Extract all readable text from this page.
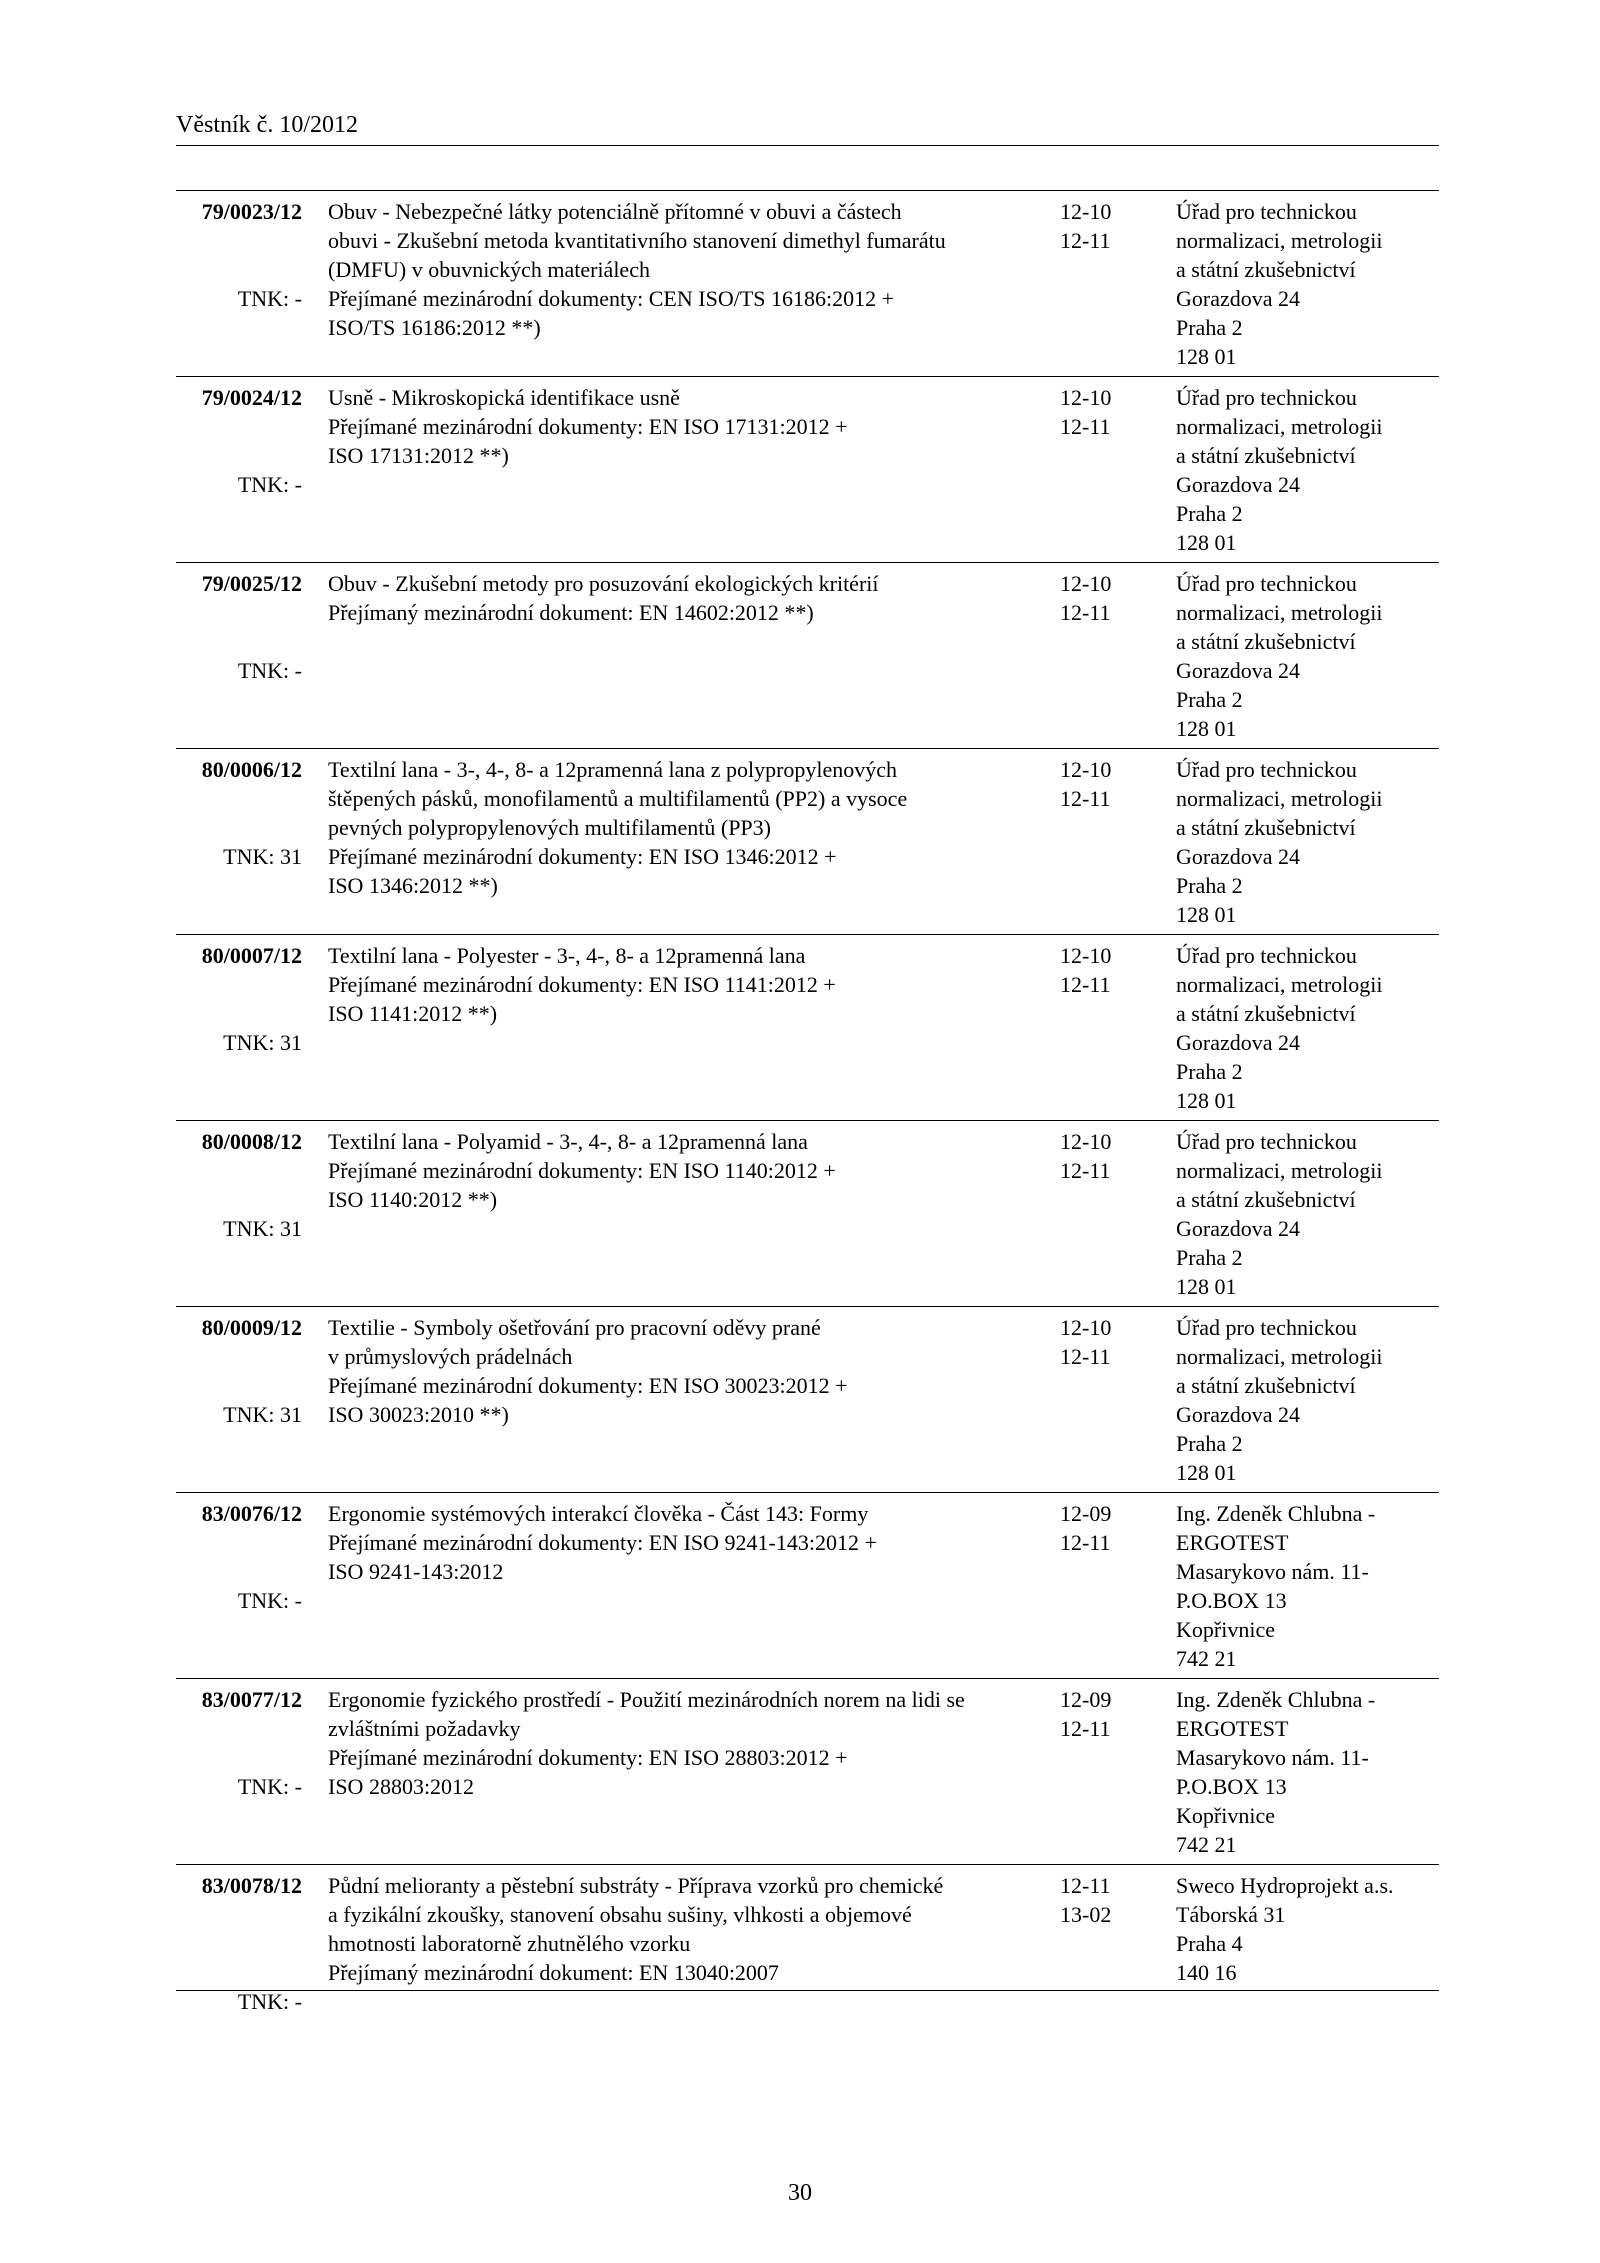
Věstník č. 10/2012
79/0023/12
TNK: -
Obuv - Nebezpečné látky potenciálně přítomné v obuvi a částech
obuvi - Zkušební metoda kvantitativního stanovení dimethyl fumarátu
(DMFU) v obuvnických materiálech
Přejímané mezinárodní dokumenty: CEN ISO/TS 16186:2012 +
ISO/TS 16186:2012 **)
12-10
12-11
Úřad pro technickou
normalizaci, metrologii
a státní zkušebnictví
Gorazdova 24
Praha 2
128 01
79/0024/12
TNK: -
Usně - Mikroskopická identifikace usně
Přejímané mezinárodní dokumenty: EN ISO 17131:2012 +
ISO 17131:2012 **)
12-10
12-11
Úřad pro technickou
normalizaci, metrologii
a státní zkušebnictví
Gorazdova 24
Praha 2
128 01
79/0025/12
TNK: -
Obuv - Zkušební metody pro posuzování ekologických kritérií
Přejímaný mezinárodní dokument: EN 14602:2012 **)
12-10
12-11
Úřad pro technickou
normalizaci, metrologii
a státní zkušebnictví
Gorazdova 24
Praha 2
128 01
80/0006/12
TNK: 31
Textilní lana - 3-, 4-, 8- a 12pramenná lana z polypropylenových
štěpených pásků, monofilamentů a multifilamentů (PP2) a vysoce
pevných polypropylenových multifilamentů (PP3)
Přejímané mezinárodní dokumenty: EN ISO 1346:2012 +
ISO 1346:2012 **)
12-10
12-11
Úřad pro technickou
normalizaci, metrologii
a státní zkušebnictví
Gorazdova 24
Praha 2
128 01
80/0007/12
TNK: 31
Textilní lana - Polyester - 3-, 4-, 8- a 12pramenná lana
Přejímané mezinárodní dokumenty: EN ISO 1141:2012 +
ISO 1141:2012 **)
12-10
12-11
Úřad pro technickou
normalizaci, metrologii
a státní zkušebnictví
Gorazdova 24
Praha 2
128 01
80/0008/12
TNK: 31
Textilní lana - Polyamid - 3-, 4-, 8- a 12pramenná lana
Přejímané mezinárodní dokumenty: EN ISO 1140:2012 +
ISO 1140:2012 **)
12-10
12-11
Úřad pro technickou
normalizaci, metrologii
a státní zkušebnictví
Gorazdova 24
Praha 2
128 01
80/0009/12
TNK: 31
Textilie - Symboly ošetřování pro pracovní oděvy prané
v průmyslových prádelnách
Přejímané mezinárodní dokumenty: EN ISO 30023:2012 +
ISO 30023:2010 **)
12-10
12-11
Úřad pro technickou
normalizaci, metrologii
a státní zkušebnictví
Gorazdova 24
Praha 2
128 01
83/0076/12
TNK: -
Ergonomie systémových interakcí člověka - Část 143: Formy
Přejímané mezinárodní dokumenty: EN ISO 9241-143:2012 +
ISO 9241-143:2012
12-09
12-11
Ing. Zdeněk Chlubna -
ERGOTEST
Masarykovo nám. 11-
P.O.BOX 13
Kopřivnice
742 21
83/0077/12
TNK: -
Ergonomie fyzického prostředí - Použití mezinárodních norem na lidi se
zvláštními požadavky
Přejímané mezinárodní dokumenty: EN ISO 28803:2012 +
ISO 28803:2012
12-09
12-11
Ing. Zdeněk Chlubna -
ERGOTEST
Masarykovo nám. 11-
P.O.BOX 13
Kopřivnice
742 21
83/0078/12
TNK: -
Půdní melioranty a pěstební substráty - Příprava vzorků pro chemické
a fyzikální zkoušky, stanovení obsahu sušiny, vlhkosti a objemové
hmotnosti laboratorně zhutnělého vzorku
Přejímaný mezinárodní dokument: EN 13040:2007
12-11
13-02
Sweco Hydroprojekt a.s.
Táborská 31
Praha 4
140 16
30
